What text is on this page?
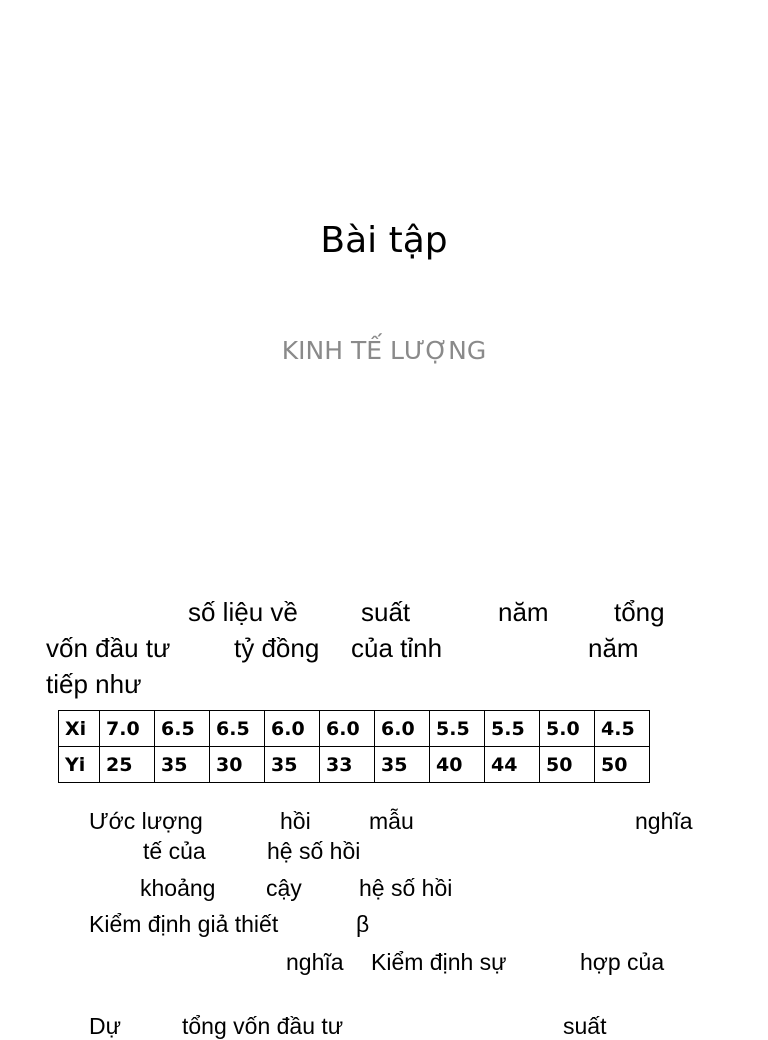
Bài tập
KINH TẾ LƯỢNG
số liệu về suất	năm	tổng
vốn đầu tư tỷ đồng của tỉnh	năm
tiếp như
Xi	7.0	6.5	6.5	6.0	6.0	6.0	5.5	5.5	5.0	4.5
Yi	25	35	30	35	33	35	40	44	50	50
Ước lượng	hồi	mẫu	nghĩa
tế của	hệ số hồi
khoảng cậy hệ số hồi
Kiểm định giả thiết	β
nghĩa Kiểm định sự	hợp của
Dự	tổng vốn đầu tư	suất
